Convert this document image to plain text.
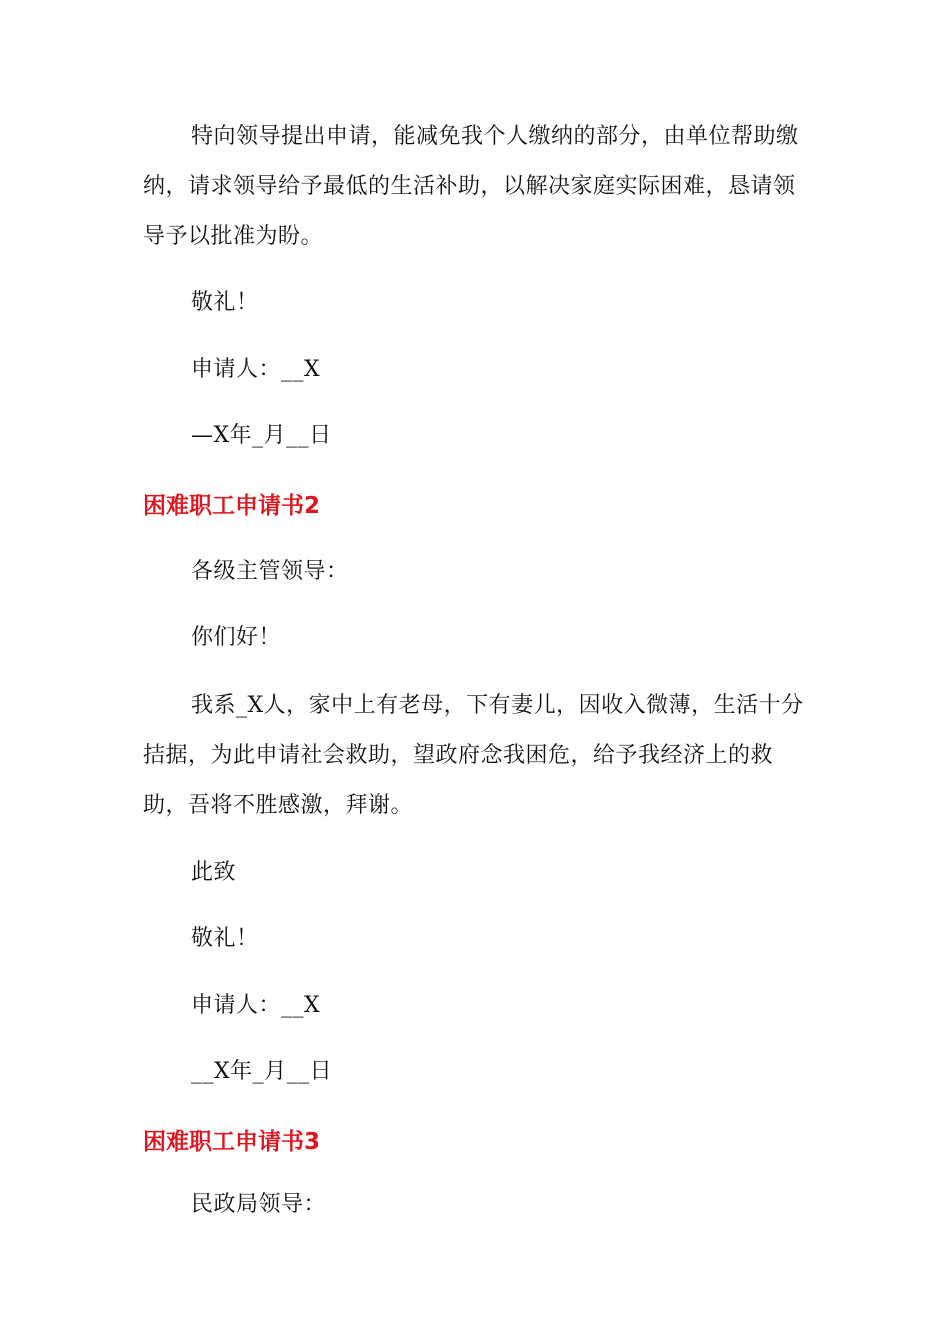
特向领导提出申请，能减免我个人缴纳的部分，由单位帮助缴纳，请求领导给予最低的生活补助，以解决家庭实际困难，恳请领导予以批准为盼。

敬礼！

申请人：__X

—X年_月__日

困难职工申请书2

各级主管领导：

你们好！

我系_X人，家中上有老母，下有妻儿，因收入微薄，生活十分拮据，为此申请社会救助，望政府念我困危，给予我经济上的救助，吾将不胜感激，拜谢。

此致

敬礼！

申请人：__X

__X年_月__日

困难职工申请书3

民政局领导：
